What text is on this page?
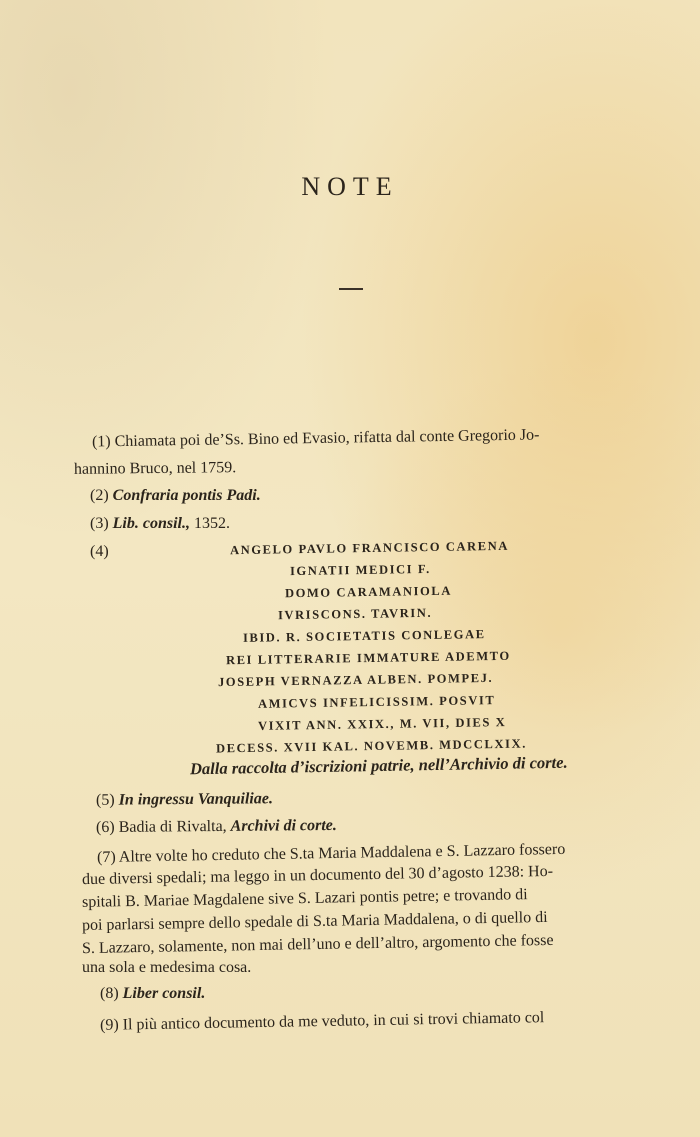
NOTE
(1) Chiamata poi de’Ss. Bino ed Evasio, rifatta dal conte Gregorio Jo-
hannino Bruco, nel 1759.
(2) Confraria pontis Padi.
(3) Lib. consil., 1352.
(4)	ANGELO PAVLO FRANCISCO CARENA
IGNATII MEDICI F.
DOMO CARAMANIOLA
IVRISCONS. TAVRIN.
IBID. R. SOCIETATIS CONLEGAE
REI LITTERARIE IMMATURE ADEMTO
JOSEPH VERNAZZA ALBEN. POMPEJ.
AMICVS INFELICISSIM. POSVIT
VIXIT ANN. XXIX., M. VII, DIES X
DECESS. XVII KAL. NOVEMB. MDCCLXIX.
Dalla raccolta d’iscrizioni patrie, nell’Archivio di corte.
(5) In ingressu Vanquiliae.
(6) Badia di Rivalta, Archivi di corte.
(7) Altre volte ho creduto che S.ta Maria Maddalena e S. Lazzaro fossero
due diversi spedali; ma leggo in un documento del 30 d’agosto 1238: Ho-
spitali B. Mariae Magdalene sive S. Lazari pontis petre; e trovando di
poi parlarsi sempre dello spedale di S.ta Maria Maddalena, o di quello di
S. Lazzaro, solamente, non mai dell’uno e dell’altro, argomento che fosse
una sola e medesima cosa.
(8) Liber consil.
(9) Il più antico documento da me veduto, in cui si trovi chiamato col
